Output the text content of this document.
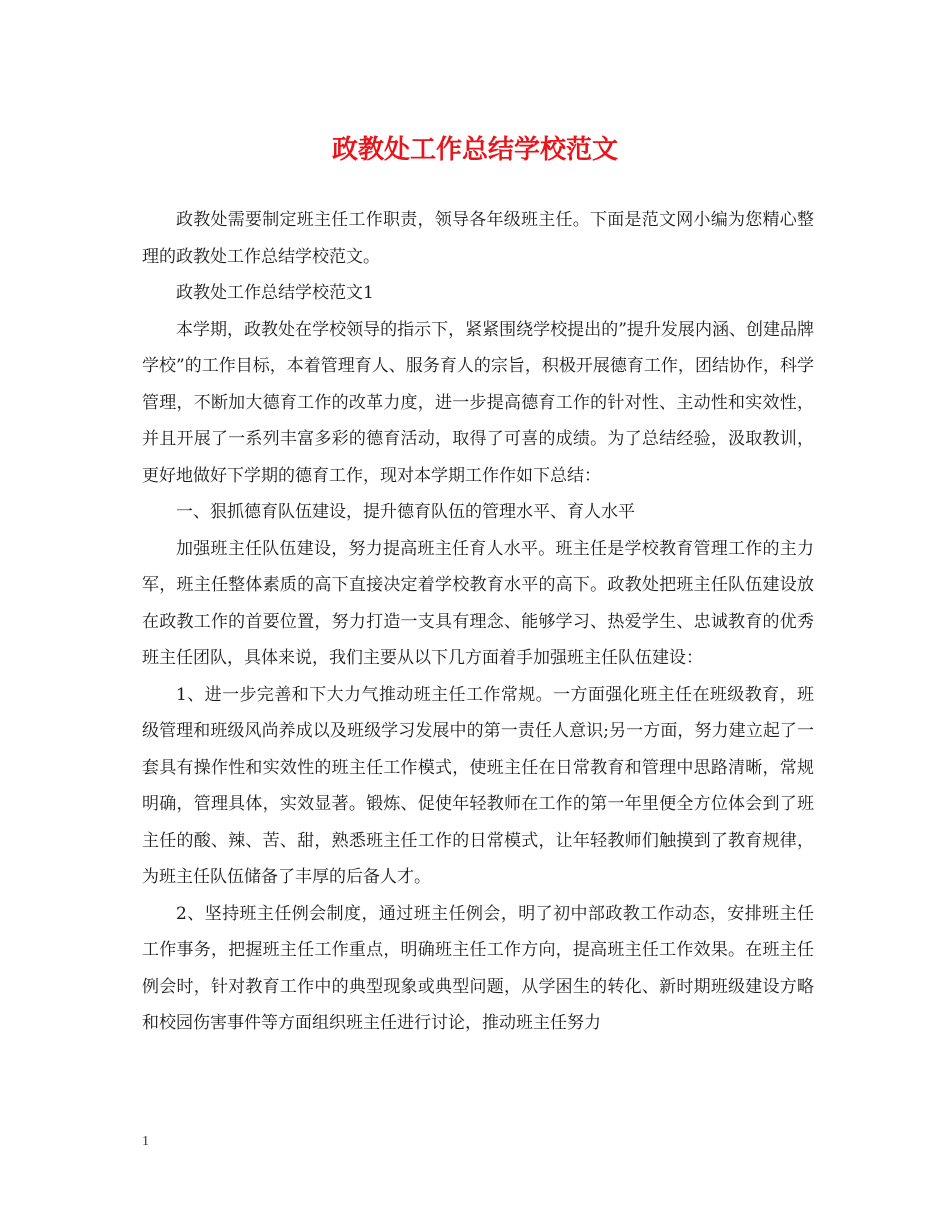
政教处工作总结学校范文

政教处需要制定班主任工作职责，领导各年级班主任。下面是范文网小编为您精心整理的政教处工作总结学校范文。

政教处工作总结学校范文1

本学期，政教处在学校领导的指示下，紧紧围绕学校提出的”提升发展内涵、创建品牌学校”的工作目标，本着管理育人、服务育人的宗旨，积极开展德育工作，团结协作，科学管理，不断加大德育工作的改革力度，进一步提高德育工作的针对性、主动性和实效性，并且开展了一系列丰富多彩的德育活动，取得了可喜的成绩。为了总结经验，汲取教训，更好地做好下学期的德育工作，现对本学期工作作如下总结：

一、狠抓德育队伍建设，提升德育队伍的管理水平、育人水平

加强班主任队伍建设，努力提高班主任育人水平。班主任是学校教育管理工作的主力军，班主任整体素质的高下直接决定着学校教育水平的高下。政教处把班主任队伍建设放在政教工作的首要位置，努力打造一支具有理念、能够学习、热爱学生、忠诚教育的优秀班主任团队，具体来说，我们主要从以下几方面着手加强班主任队伍建设：

1、进一步完善和下大力气推动班主任工作常规。一方面强化班主任在班级教育，班级管理和班级风尚养成以及班级学习发展中的第一责任人意识;另一方面，努力建立起了一套具有操作性和实效性的班主任工作模式，使班主任在日常教育和管理中思路清晰，常规明确，管理具体，实效显著。锻炼、促使年轻教师在工作的第一年里便全方位体会到了班主任的酸、辣、苦、甜，熟悉班主任工作的日常模式，让年轻教师们触摸到了教育规律，为班主任队伍储备了丰厚的后备人才。

2、坚持班主任例会制度，通过班主任例会，明了初中部政教工作动态，安排班主任工作事务，把握班主任工作重点，明确班主任工作方向，提高班主任工作效果。在班主任例会时，针对教育工作中的典型现象或典型问题，从学困生的转化、新时期班级建设方略和校园伤害事件等方面组织班主任进行讨论，推动班主任努力

1
